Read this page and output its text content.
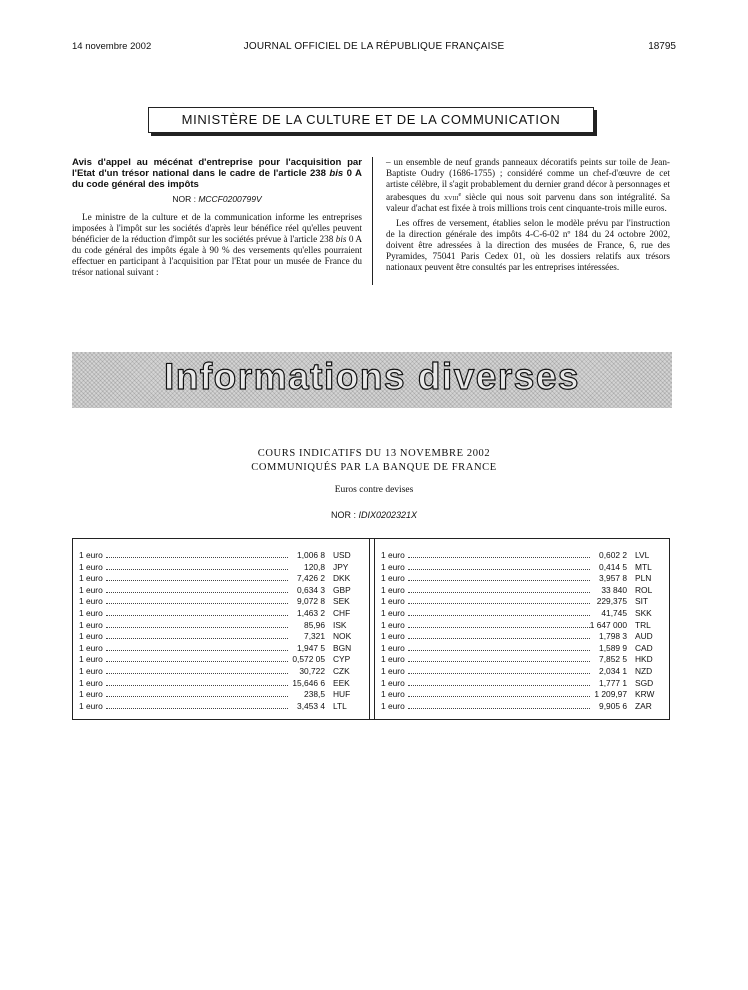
14 novembre 2002	JOURNAL OFFICIEL DE LA RÉPUBLIQUE FRANÇAISE	18795
MINISTÈRE DE LA CULTURE ET DE LA COMMUNICATION

Avis d'appel au mécénat d'entreprise pour l'acquisition par l'Etat d'un trésor national dans le cadre de l'article 238 bis 0 A du code général des impôts

NOR : MCCF0200799V

Le ministre de la culture et de la communication informe les entreprises imposées à l'impôt sur les sociétés d'après leur bénéfice réel qu'elles peuvent bénéficier de la réduction d'impôt sur les sociétés prévue à l'article 238 bis 0 A du code général des impôts égale à 90 % des versements qu'elles pourraient effectuer en participant à l'acquisition par l'Etat pour un musée de France du trésor national suivant :

– un ensemble de neuf grands panneaux décoratifs peints sur toile de Jean-Baptiste Oudry (1686-1755) ; considéré comme un chef-d'œuvre de cet artiste célèbre, il s'agit probablement du dernier grand décor à personnages et arabesques du xviii$^e$ siècle qui nous soit parvenu dans son intégralité. Sa valeur d'achat est fixée à trois millions trois cent cinquante-trois mille euros.

Les offres de versement, établies selon le modèle prévu par l'instruction de la direction générale des impôts 4-C-6-02 nº 184 du 24 octobre 2002, doivent être adressées à la direction des musées de France, 6, rue des Pyramides, 75041 Paris Cedex 01, où les dossiers relatifs aux trésors nationaux peuvent être consultés par les entreprises intéressées.

Informations diverses
COURS INDICATIFS DU 13 NOVEMBRE 2002
COMMUNIQUÉS PAR LA BANQUE DE FRANCE
Euros contre devises
NOR : IDIX0202321X
1 euro	1,006 8 USD
1 euro	120,8 JPY
1 euro	7,426 2 DKK
1 euro	0,634 3 GBP
1 euro	9,072 8 SEK
1 euro	1,463 2 CHF
1 euro	85,96 ISK
1 euro	7,321 NOK
1 euro	1,947 5 BGN
1 euro	0,572 05 CYP
1 euro	30,722 CZK
1 euro	15,646 6 EEK
1 euro	238,5 HUF
1 euro	3,453 4 LTL
1 euro	0,602 2 LVL
1 euro	0,414 5 MTL
1 euro	3,957 8 PLN
1 euro	33 840 ROL
1 euro	229,375 SIT
1 euro	41,745 SKK
1 euro	1 647 000 TRL
1 euro	1,798 3 AUD
1 euro	1,589 9 CAD
1 euro	7,852 5 HKD
1 euro	2,034 1 NZD
1 euro	1,777 1 SGD
1 euro	1 209,97 KRW
1 euro	9,905 6 ZAR
